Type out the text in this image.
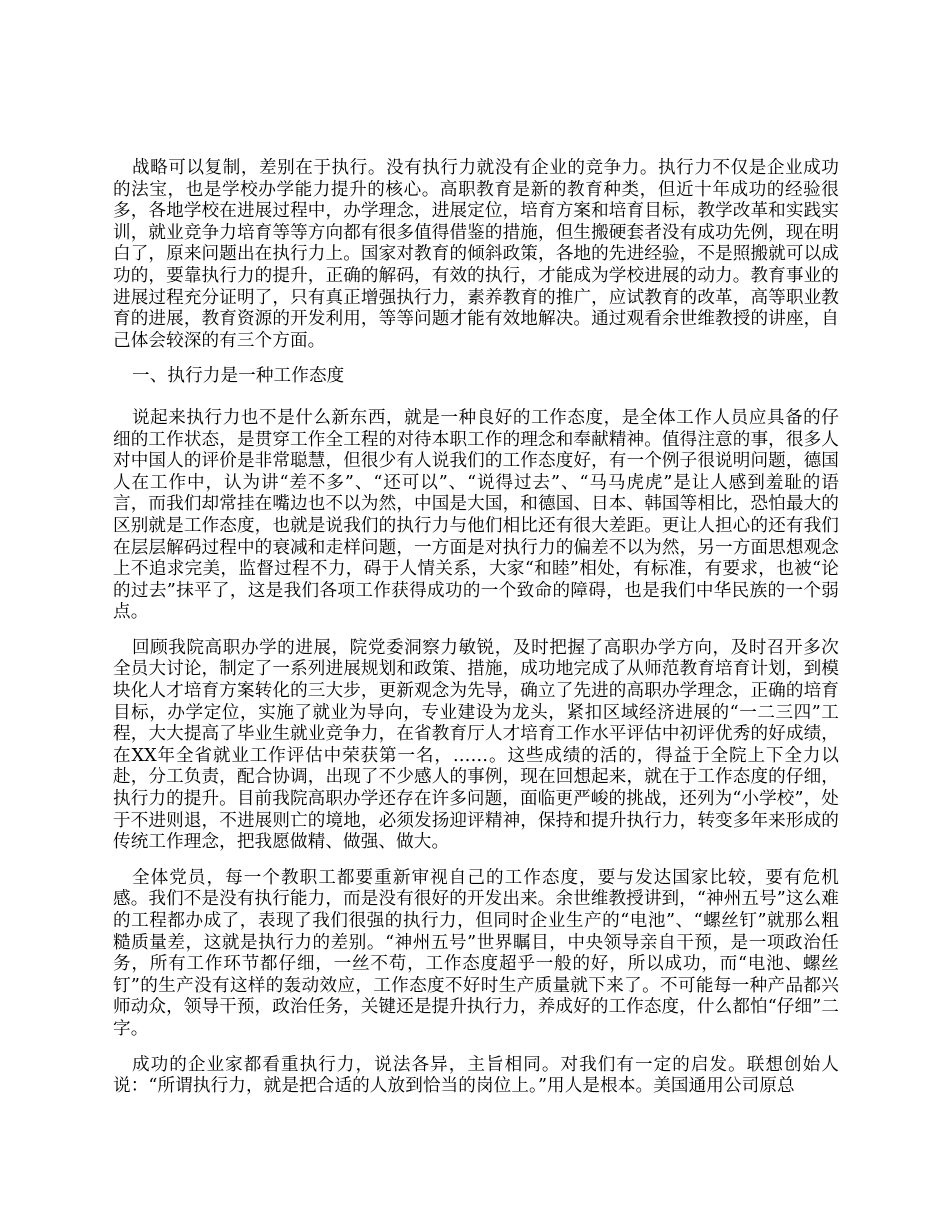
战略可以复制，差别在于执行。没有执行力就没有企业的竞争力。执行力不仅是企业成功的法宝，也是学校办学能力提升的核心。高职教育是新的教育种类，但近十年成功的经验很多，各地学校在进展过程中，办学理念，进展定位，培育方案和培育目标，教学改革和实践实训，就业竞争力培育等等方向都有很多值得借鉴的措施，但生搬硬套者没有成功先例，现在明白了，原来问题出在执行力上。国家对教育的倾斜政策，各地的先进经验，不是照搬就可以成功的，要靠执行力的提升，正确的解码，有效的执行，才能成为学校进展的动力。教育事业的进展过程充分证明了，只有真正增强执行力，素养教育的推广，应试教育的改革，高等职业教育的进展，教育资源的开发利用，等等问题才能有效地解决。通过观看余世维教授的讲座，自己体会较深的有三个方面。

一、执行力是一种工作态度

说起来执行力也不是什么新东西，就是一种良好的工作态度，是全体工作人员应具备的仔细的工作状态，是贯穿工作全工程的对待本职工作的理念和奉献精神。值得注意的事，很多人对中国人的评价是非常聪慧，但很少有人说我们的工作态度好，有一个例子很说明问题，德国人在工作中，认为讲“差不多”、“还可以”、“说得过去”、“马马虎虎”是让人感到羞耻的语言，而我们却常挂在嘴边也不以为然，中国是大国，和德国、日本、韩国等相比，恐怕最大的区别就是工作态度，也就是说我们的执行力与他们相比还有很大差距。更让人担心的还有我们在层层解码过程中的衰减和走样问题，一方面是对执行力的偏差不以为然，另一方面思想观念上不追求完美，监督过程不力，碍于人情关系，大家“和睦”相处，有标准，有要求，也被“论的过去”抹平了，这是我们各项工作获得成功的一个致命的障碍，也是我们中华民族的一个弱点。

回顾我院高职办学的进展，院党委洞察力敏锐，及时把握了高职办学方向，及时召开多次全员大讨论，制定了一系列进展规划和政策、措施，成功地完成了从师范教育培育计划，到模块化人才培育方案转化的三大步，更新观念为先导，确立了先进的高职办学理念，正确的培育目标，办学定位，实施了就业为导向，专业建设为龙头，紧扣区域经济进展的“一二三四”工程，大大提高了毕业生就业竞争力，在省教育厅人才培育工作水平评估中初评优秀的好成绩，在XX年全省就业工作评估中荣获第一名，……。这些成绩的活的，得益于全院上下全力以赴，分工负责，配合协调，出现了不少感人的事例，现在回想起来，就在于工作态度的仔细，执行力的提升。目前我院高职办学还存在许多问题，面临更严峻的挑战，还列为“小学校”，处于不进则退，不进展则亡的境地，必须发扬迎评精神，保持和提升执行力，转变多年来形成的传统工作理念，把我愿做精、做强、做大。

全体党员，每一个教职工都要重新审视自己的工作态度，要与发达国家比较，要有危机感。我们不是没有执行能力，而是没有很好的开发出来。余世维教授讲到，“神州五号”这么难的工程都办成了，表现了我们很强的执行力，但同时企业生产的“电池”、“螺丝钉”就那么粗糙质量差，这就是执行力的差别。“神州五号”世界瞩目，中央领导亲自干预，是一项政治任务，所有工作环节都仔细，一丝不苟，工作态度超乎一般的好，所以成功，而“电池、螺丝钉”的生产没有这样的轰动效应，工作态度不好时生产质量就下来了。不可能每一种产品都兴师动众，领导干预，政治任务，关键还是提升执行力，养成好的工作态度，什么都怕“仔细”二字。

成功的企业家都看重执行力，说法各异，主旨相同。对我们有一定的启发。联想创始人说：“所谓执行力，就是把合适的人放到恰当的岗位上。”用人是根本。美国通用公司原总
